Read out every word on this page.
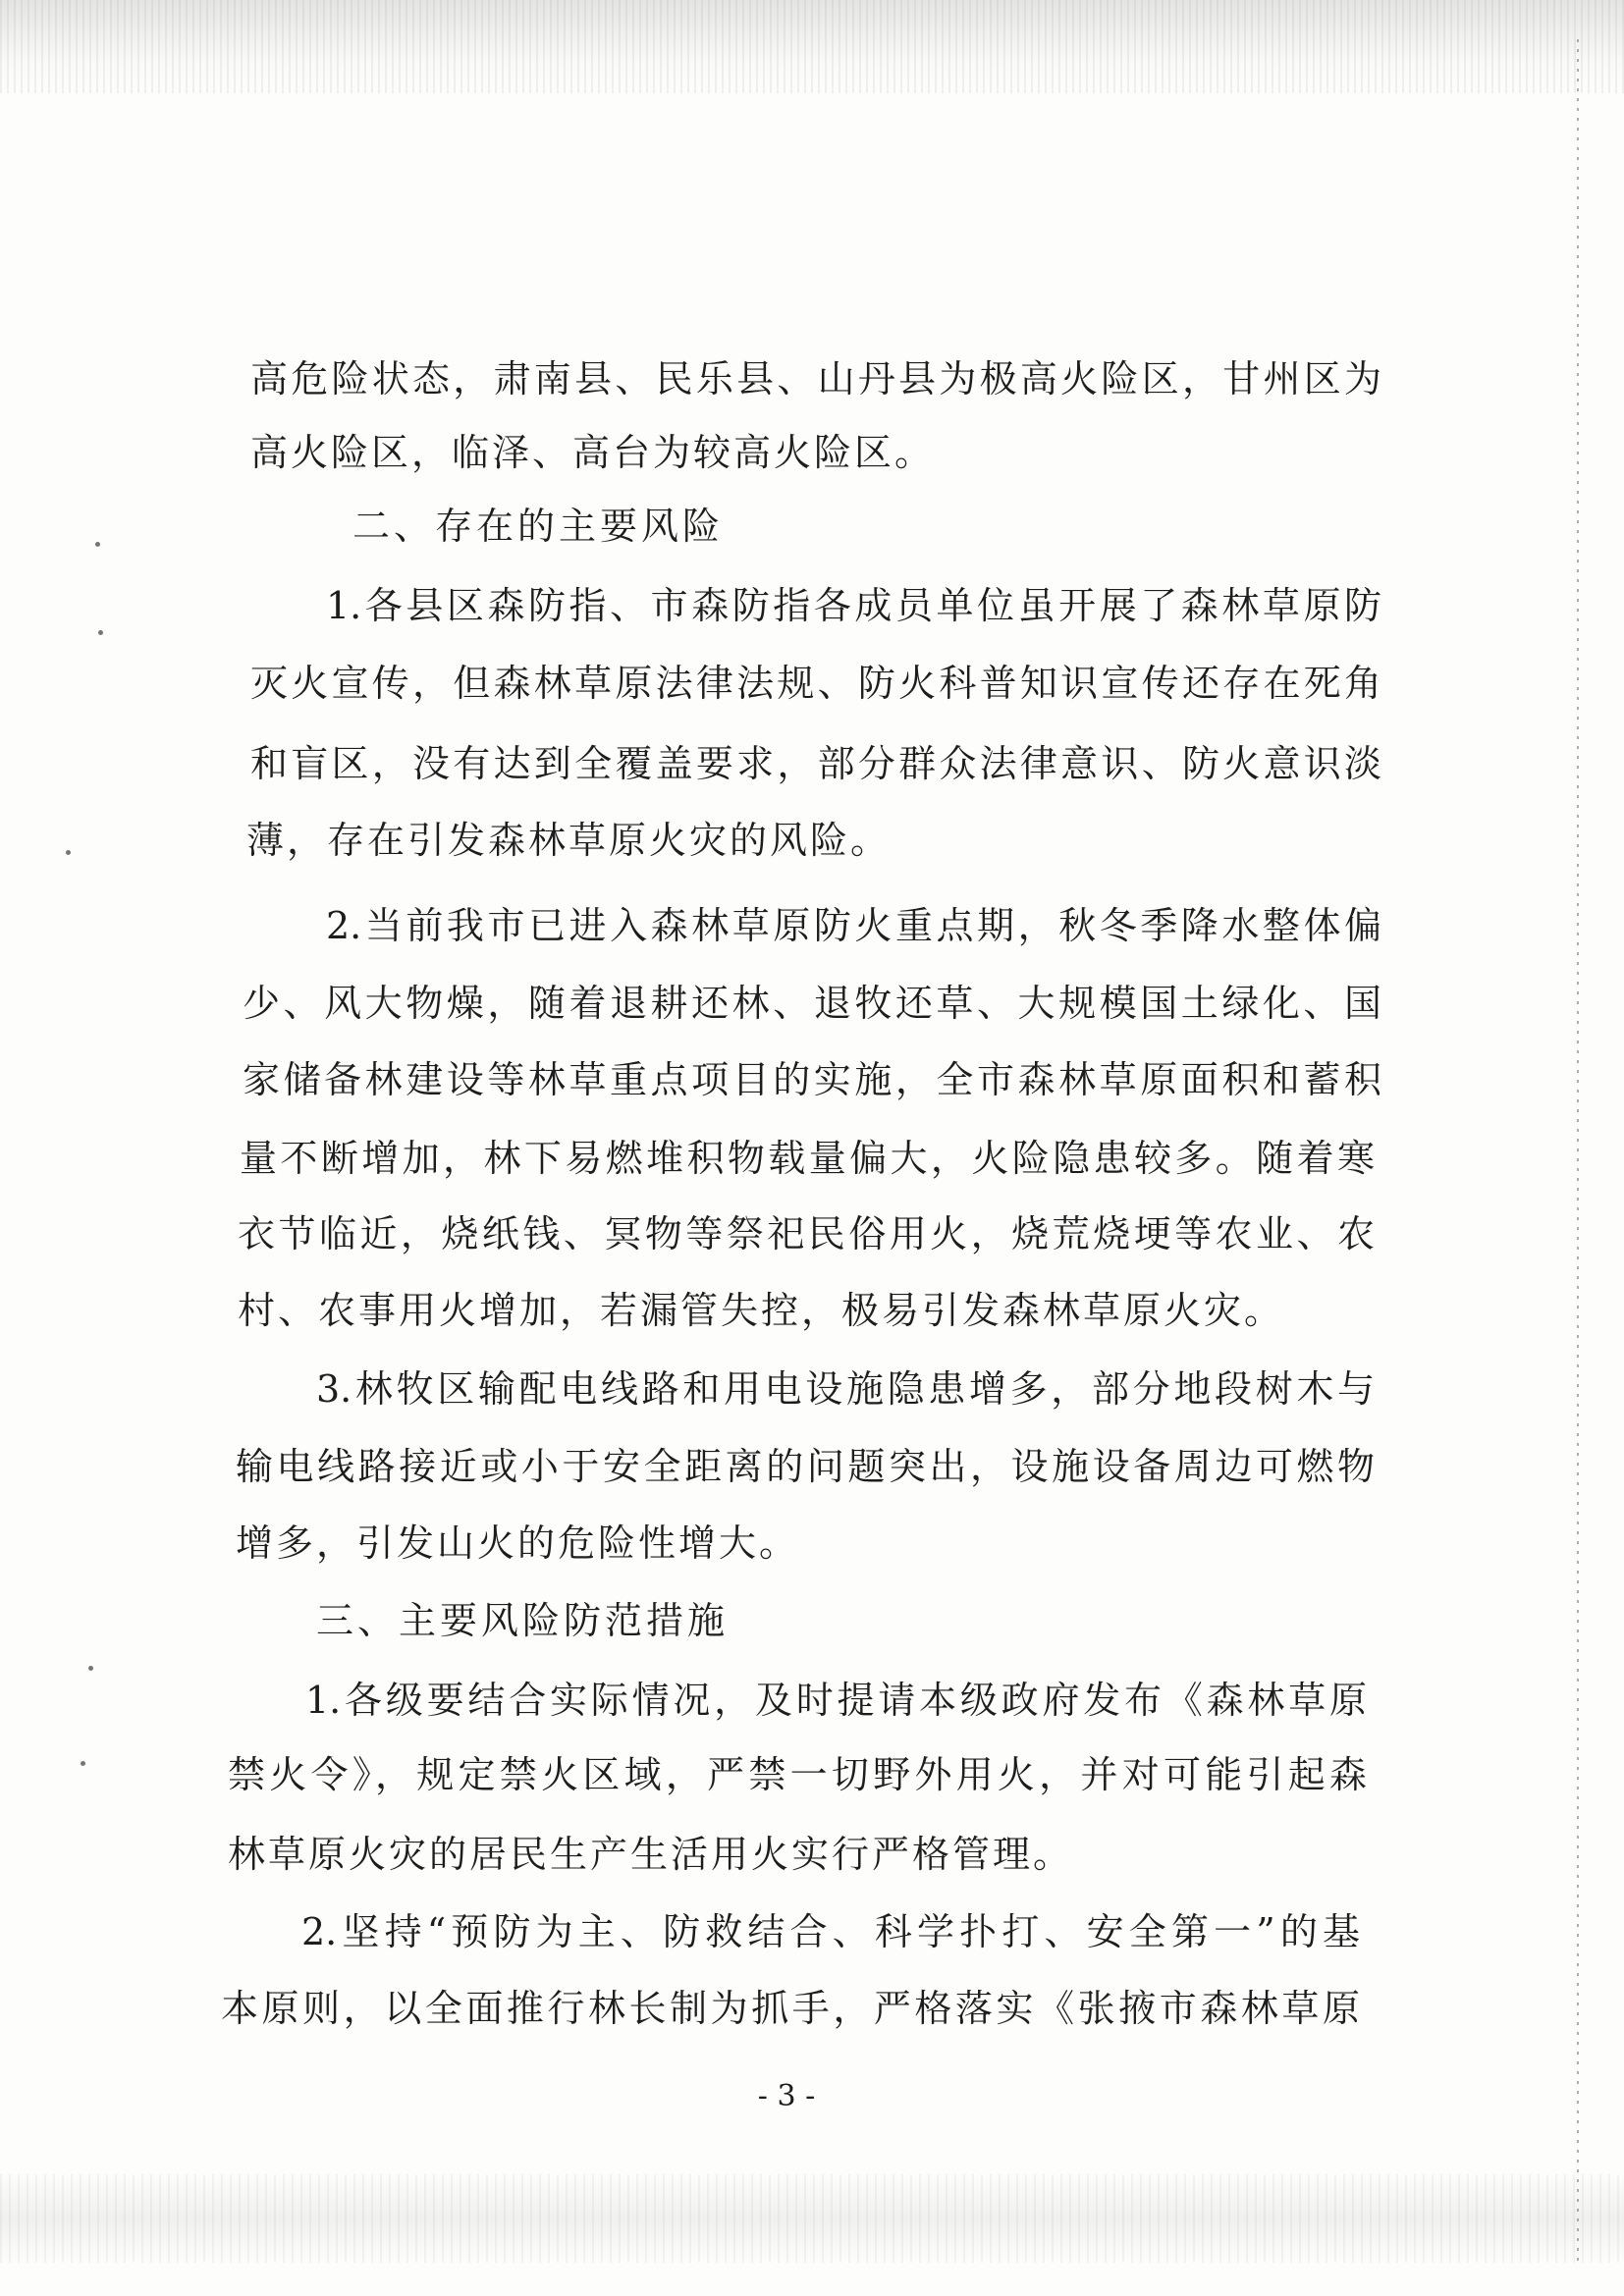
高危险状态，肃南县、民乐县、山丹县为极高火险区，甘州区为
高火险区，临泽、高台为较高火险区。
二、存在的主要风险
1.各县区森防指、市森防指各成员单位虽开展了森林草原防
灭火宣传，但森林草原法律法规、防火科普知识宣传还存在死角
和盲区，没有达到全覆盖要求，部分群众法律意识、防火意识淡
薄，存在引发森林草原火灾的风险。
2.当前我市已进入森林草原防火重点期，秋冬季降水整体偏
少、风大物燥，随着退耕还林、退牧还草、大规模国土绿化、国
家储备林建设等林草重点项目的实施，全市森林草原面积和蓄积
量不断增加，林下易燃堆积物载量偏大，火险隐患较多。随着寒
衣节临近，烧纸钱、冥物等祭祀民俗用火，烧荒烧埂等农业、农
村、农事用火增加，若漏管失控，极易引发森林草原火灾。
3.林牧区输配电线路和用电设施隐患增多，部分地段树木与
输电线路接近或小于安全距离的问题突出，设施设备周边可燃物
增多，引发山火的危险性增大。
三、主要风险防范措施
1.各级要结合实际情况，及时提请本级政府发布《森林草原
禁火令》，规定禁火区域，严禁一切野外用火，并对可能引起森
林草原火灾的居民生产生活用火实行严格管理。
2.坚持“预防为主、防救结合、科学扑打、安全第一”的基
本原则，以全面推行林长制为抓手，严格落实《张掖市森林草原
- 3 -
